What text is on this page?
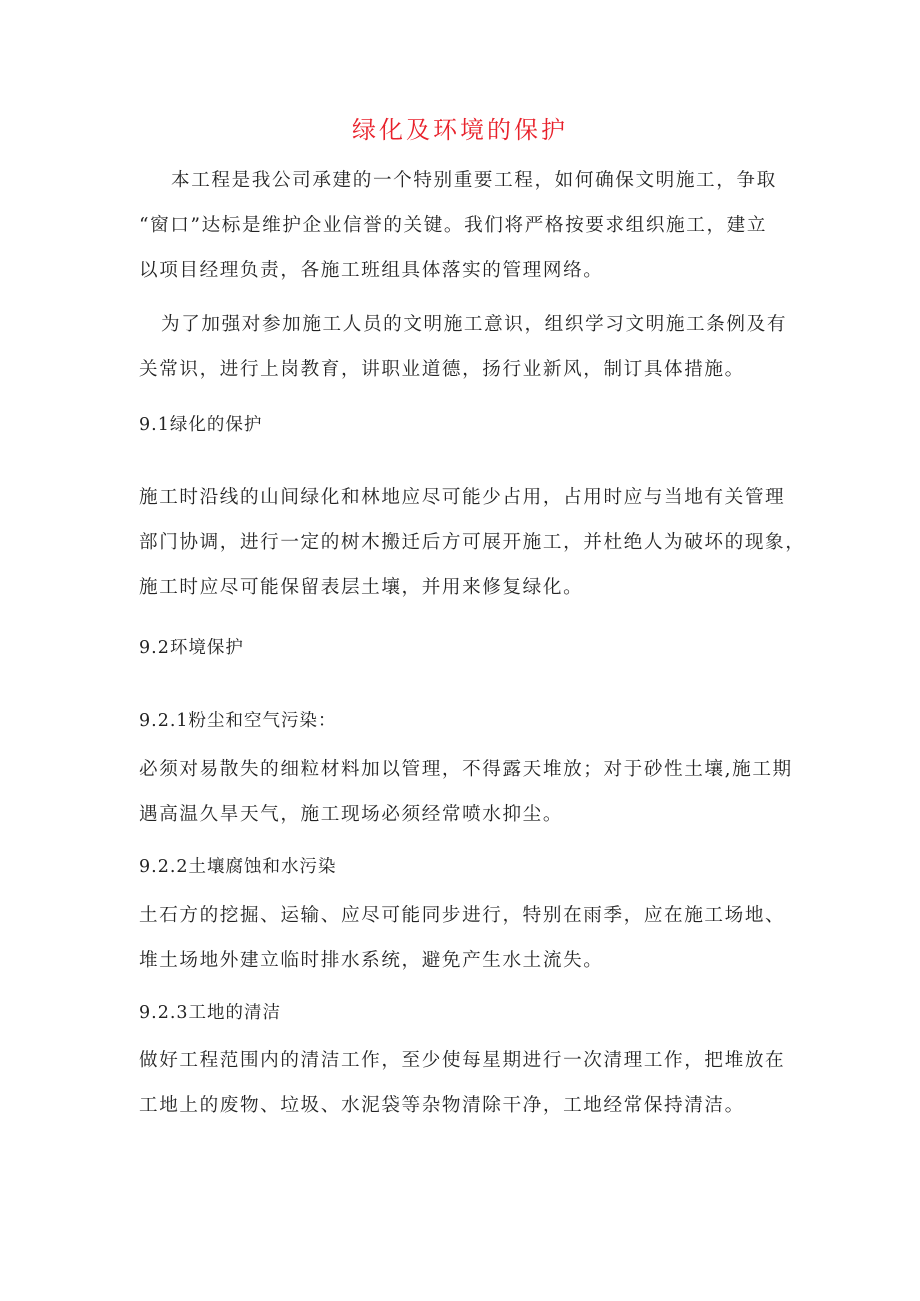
绿化及环境的保护

本工程是我公司承建的一个特别重要工程，如何确保文明施工，争取
“窗口”达标是维护企业信誉的关键。我们将严格按要求组织施工，建立
以项目经理负责，各施工班组具体落实的管理网络。

为了加强对参加施工人员的文明施工意识，组织学习文明施工条例及有
关常识，进行上岗教育，讲职业道德，扬行业新风，制订具体措施。

9.1绿化的保护

施工时沿线的山间绿化和林地应尽可能少占用，占用时应与当地有关管理
部门协调，进行一定的树木搬迁后方可展开施工，并杜绝人为破坏的现象，
施工时应尽可能保留表层土壤，并用来修复绿化。

9.2环境保护
9.2.1粉尘和空气污染：

必须对易散失的细粒材料加以管理，不得露天堆放；对于砂性土壤,施工期
遇高温久旱天气，施工现场必须经常喷水抑尘。

9.2.2土壤腐蚀和水污染

土石方的挖掘、运输、应尽可能同步进行，特别在雨季，应在施工场地、
堆土场地外建立临时排水系统，避免产生水土流失。

9.2.3工地的清洁

做好工程范围内的清洁工作，至少使每星期进行一次清理工作，把堆放在
工地上的废物、垃圾、水泥袋等杂物清除干净，工地经常保持清洁。
